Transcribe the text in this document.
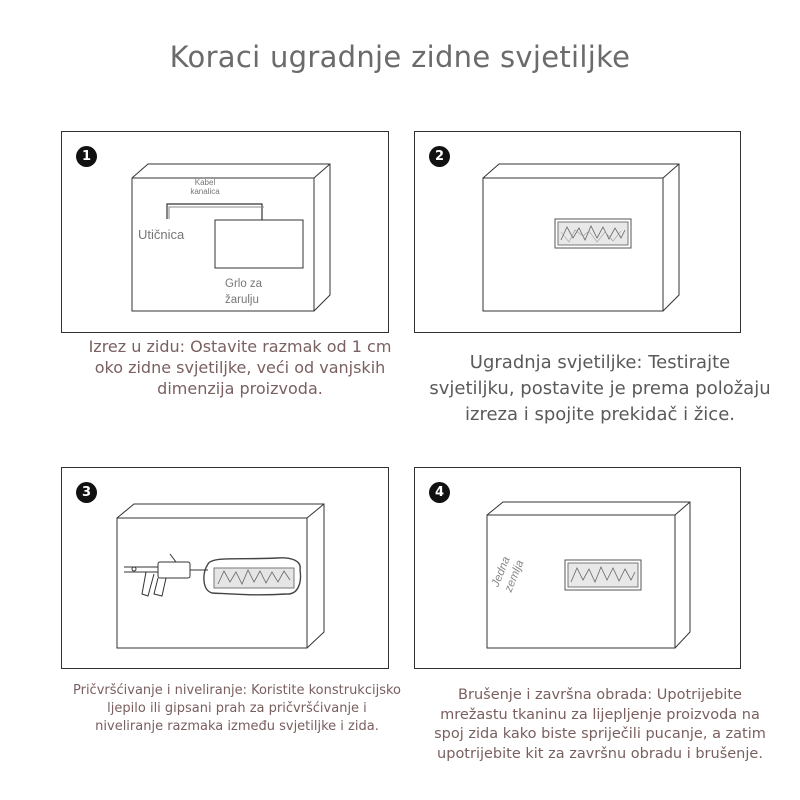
Koraci ugradnje zidne svjetiljke
1
Kabel kanalica
Utičnica
Grlo za žarulju
Izrez u zidu: Ostavite razmak od 1 cm
oko zidne svjetiljke, veći od vanjskih
dimenzija proizvoda.
2
Ugradnja svjetiljke: Testirajte
svjetiljku, postavite je prema položaju
izreza i spojite prekidač i žice.
3
Pričvršćivanje i niveliranje: Koristite konstrukcijsko
ljepilo ili gipsani prah za pričvršćivanje i
niveliranje razmaka između svjetiljke i zida.
4
Jedna zemlja
Brušenje i završna obrada: Upotrijebite
mrežastu tkaninu za lijepljenje proizvoda na
spoj zida kako biste spriječili pucanje, a zatim
upotrijebite kit za završnu obradu i brušenje.
